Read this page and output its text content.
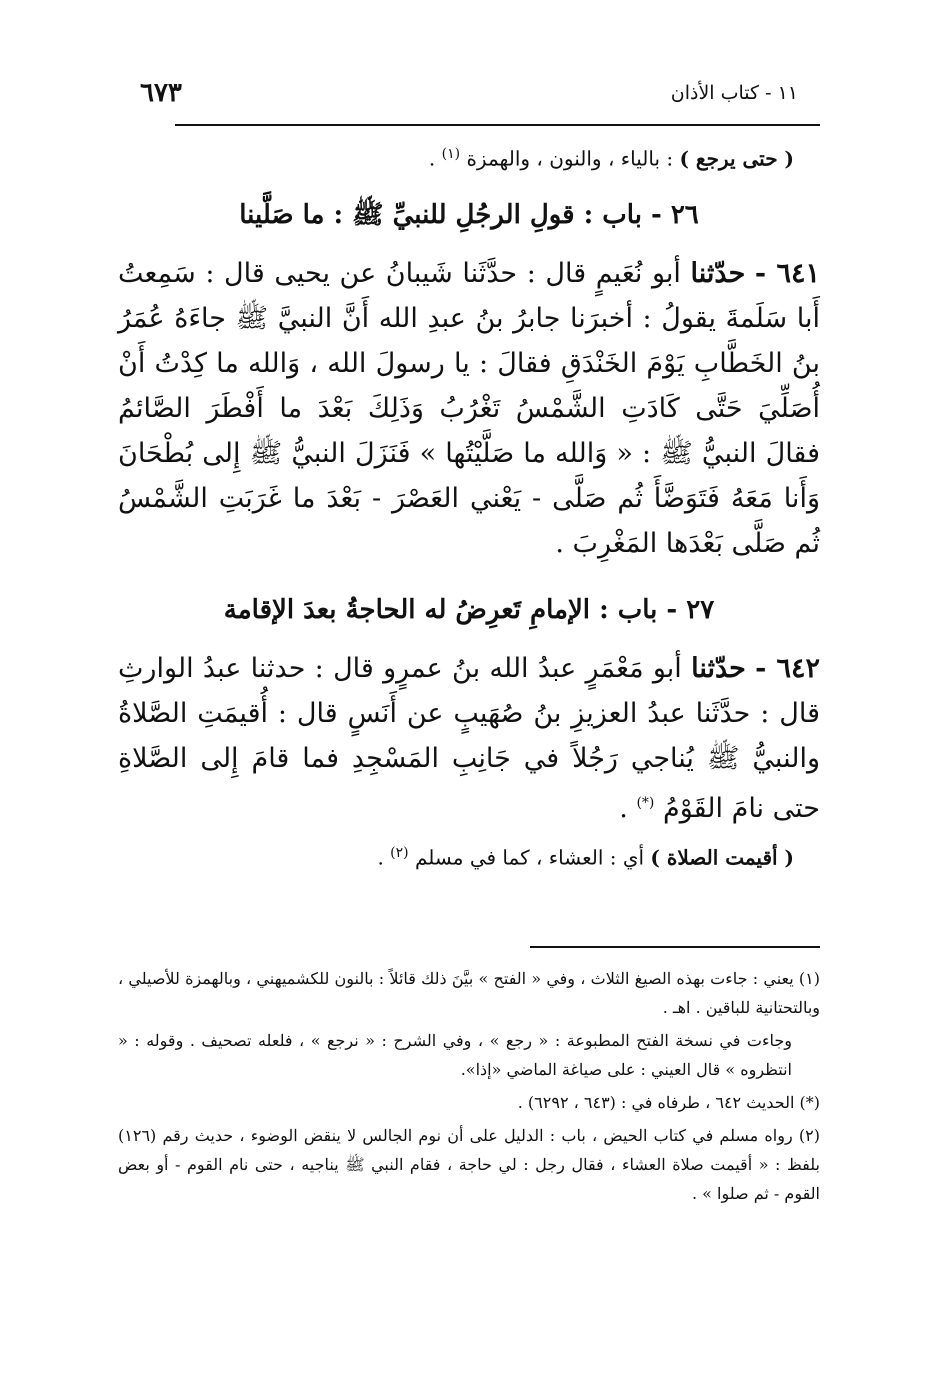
١١ - كتاب الأذان
٦٧٣
( حتى يرجع ) : بالياء ، والنون ، والهمزة $^{(١)}$ .
٢٦ - باب : قولِ الرجُلِ للنبيِّ ﷺ : ما صَلَّينا
٦٤١ - حدّثنا أبو نُعَيمٍ قال : حدَّثَنا شَيبانُ عن يحيى قال : سَمِعتُ أَبا سَلَمةَ يقولُ : أخبرَنا جابرُ بنُ عبدِ الله أَنَّ النبيَّ ﷺ جاءَهُ عُمَرُ بنُ الخَطَّابِ يَوْمَ الخَنْدَقِ فقالَ : يا رسولَ الله ، وَالله ما كِدْتُ أَنْ أُصَلِّيَ حَتَّى كَادَتِ الشَّمْسُ تَغْرُبُ وَذَلِكَ بَعْدَ ما أَفْطَرَ الصَّائمُ فقالَ النبيُّ ﷺ : « وَالله ما صَلَّيْتُها » فَنَزَلَ النبيُّ ﷺ إِلى بُطْحَانَ وَأَنا مَعَهُ فَتَوَضَّأَ ثُم صَلَّى - يَعْني العَصْرَ - بَعْدَ ما غَرَبَتِ الشَّمْسُ ثُم صَلَّى بَعْدَها المَغْرِبَ .
٢٧ - باب : الإمامِ تَعرِضُ له الحاجةُ بعدَ الإقامة
٦٤٢ - حدّثنا أبو مَعْمَرٍ عبدُ الله بنُ عمرٍو قال : حدثنا عبدُ الوارثِ قال : حدَّثَنا عبدُ العزيزِ بنُ صُهَيبٍ عن أَنَسٍ قال : أُقيمَتِ الصَّلاةُ والنبيُّ ﷺ يُناجي رَجُلاً في جَانِبِ المَسْجِدِ فما قامَ إِلى الصَّلاةِ حتى نامَ القَوْمُ (*) .
( أقيمت الصلاة ) أي : العشاء ، كما في مسلم $^{(٢)}$ .
(١) يعني : جاءت بهذه الصيغ الثلاث ، وفي « الفتح » بيَّنَ ذلك قائلاً : بالنون للكشميهني ، وبالهمزة للأصيلي ، وبالتحتانية للباقين . اهـ .
وجاءت في نسخة الفتح المطبوعة : « رجع » ، وفي الشرح : « نرجع » ، فلعله تصحيف . وقوله : « انتظروه » قال العيني : على صياغة الماضي «إذا».
(*) الحديث ٦٤٢ ، طرفاه في : (٦٤٣ ، ٦٢٩٢) .
(٢) رواه مسلم في كتاب الحيض ، باب : الدليل على أن نوم الجالس لا ينقض الوضوء ، حديث رقم (١٢٦) بلفظ : « أقيمت صلاة العشاء ، فقال رجل : لي حاجة ، فقام النبي ﷺ يناجيه ، حتى نام القوم - أو بعض القوم - ثم صلوا » .
